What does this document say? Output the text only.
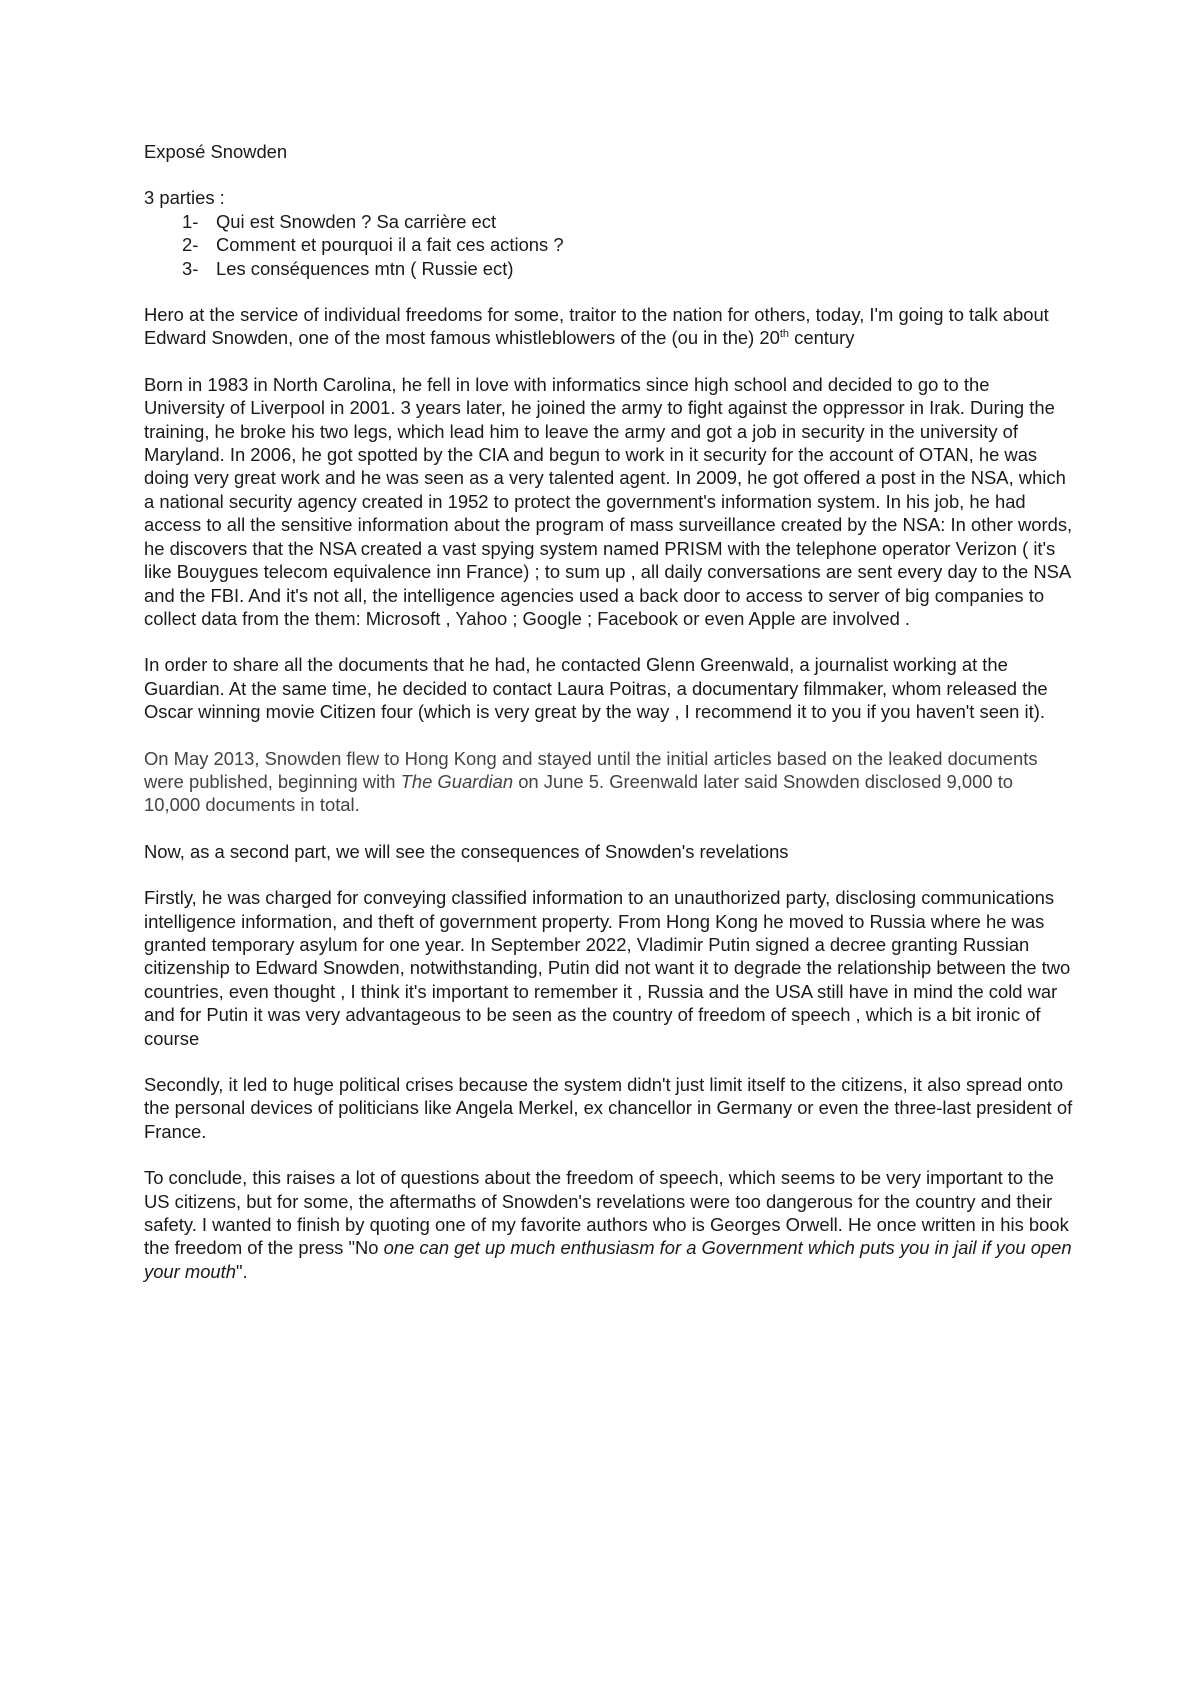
Exposé Snowden

3 parties :

1- Qui est Snowden ? Sa carrière ect
2- Comment et pourquoi il a fait ces actions ?
3- Les conséquences mtn ( Russie ect)

Hero at the service of individual freedoms for some, traitor to the nation for others, today, I'm going to talk about Edward Snowden, one of the most famous whistleblowers of the (ou in the) 20th century

Born in 1983 in North Carolina, he fell in love with informatics since high school and decided to go to the University of Liverpool in 2001. 3 years later, he joined the army to fight against the oppressor in Irak. During the training, he broke his two legs, which lead him to leave the army and got a job in security in the university of Maryland. In 2006, he got spotted by the CIA and begun to work in it security for the account of OTAN, he was doing very great work and he was seen as a very talented agent. In 2009, he got offered a post in the NSA, which a national security agency created in 1952 to protect the government's information system. In his job, he had access to all the sensitive information about the program of mass surveillance created by the NSA: In other words, he discovers that the NSA created a vast spying system named PRISM with the telephone operator Verizon ( it's like Bouygues telecom equivalence inn France) ; to sum up , all daily conversations are sent every day to the NSA and the FBI. And it's not all, the intelligence agencies used a back door to access to server of big companies to collect data from the them: Microsoft , Yahoo ; Google ; Facebook or even Apple are involved .

In order to share all the documents that he had, he contacted Glenn Greenwald, a journalist working at the Guardian. At the same time, he decided to contact Laura Poitras, a documentary filmmaker, whom released the Oscar winning movie Citizen four (which is very great by the way , I recommend it to you if you haven't seen it).

On May 2013, Snowden flew to Hong Kong and stayed until the initial articles based on the leaked documents were published, beginning with The Guardian on June 5. Greenwald later said Snowden disclosed 9,000 to 10,000 documents in total.

Now, as a second part, we will see the consequences of Snowden's revelations

Firstly, he was charged for conveying classified information to an unauthorized party, disclosing communications intelligence information, and theft of government property. From Hong Kong he moved to Russia where he was granted temporary asylum for one year. In September 2022, Vladimir Putin signed a decree granting Russian citizenship to Edward Snowden, notwithstanding, Putin did not want it to degrade the relationship between the two countries, even thought , I think it's important to remember it , Russia and the USA still have in mind the cold war and for Putin it was very advantageous to be seen as the country of freedom of speech , which is a bit ironic of course

Secondly, it led to huge political crises because the system didn't just limit itself to the citizens, it also spread onto the personal devices of politicians like Angela Merkel, ex chancellor in Germany or even the three-last president of France.

To conclude, this raises a lot of questions about the freedom of speech, which seems to be very important to the US citizens, but for some, the aftermaths of Snowden's revelations were too dangerous for the country and their safety. I wanted to finish by quoting one of my favorite authors who is Georges Orwell. He once written in his book the freedom of the press "No one can get up much enthusiasm for a Government which puts you in jail if you open your mouth".
